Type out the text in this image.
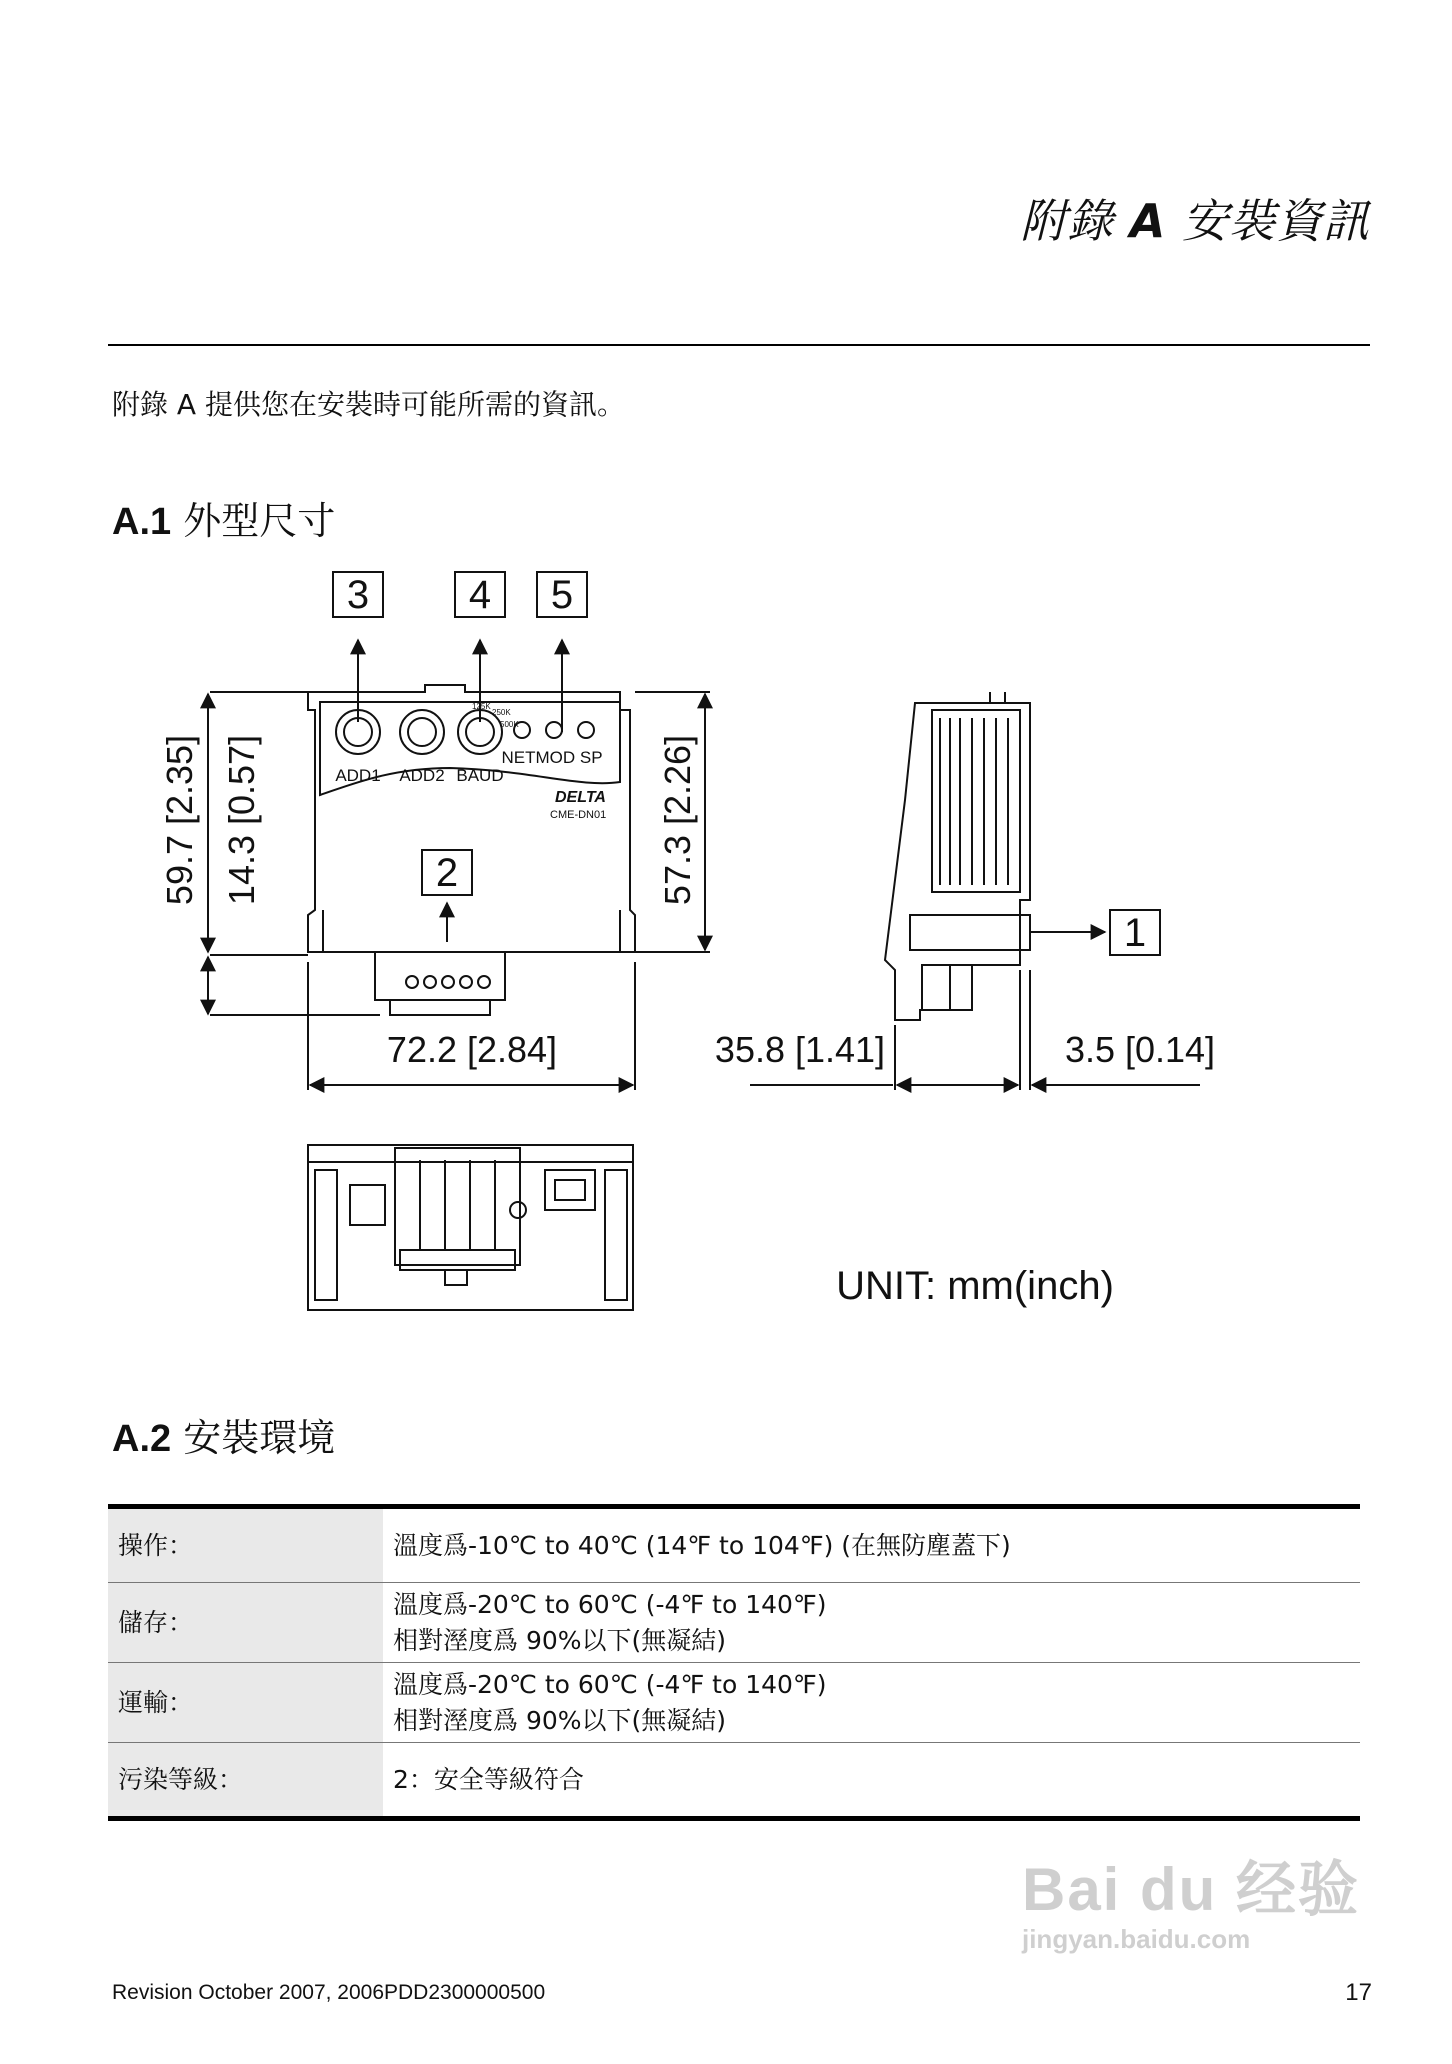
附錄 A 安裝資訊
附錄 A 提供您在安裝時可能所需的資訊。
A.1 外型尺寸
3 4 5
ADD1 ADD2 BAUD
NETMOD SP
125K
250K
500K
DELTA
CME-DN01
2
59.7 [2.35] 14.3 [0.57]	57.3 [2.26]
72.2 [2.84]
1
35.8 [1.41]	3.5 [0.14]
UNIT: mm(inch)
A.2 安裝環境
操作：	溫度爲-10℃ to 40℃ (14℉ to 104℉) (在無防塵蓋下)

儲存：	溫度爲-20℃ to 60℃ (-4℉ to 140℉)
相對溼度爲 90%以下(無凝結)

運輸：	溫度爲-20℃ to 60℃ (-4℉ to 140℉)
相對溼度爲 90%以下(無凝結)

污染等級：	2：安全等級符合
Bai du 经验
jingyan.baidu.com
Revision October 2007, 2006PDD2300000500	17
